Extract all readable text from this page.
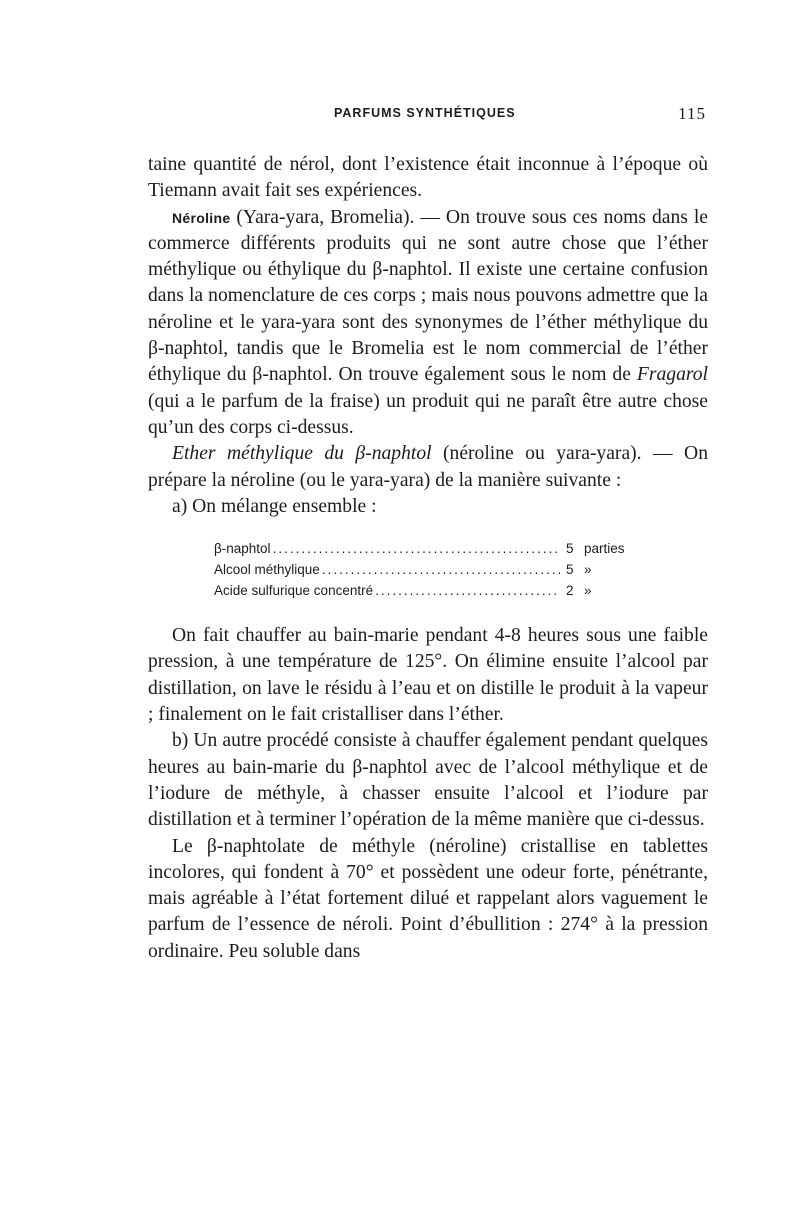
PARFUMS SYNTHÉTIQUES	115

taine quantité de nérol, dont l’existence était inconnue à l’époque où Tiemann avait fait ses expériences.

Néroline (Yara-yara, Bromelia). — On trouve sous ces noms dans le commerce différents produits qui ne sont autre chose que l’éther méthylique ou éthylique du β-naphtol. Il existe une certaine confusion dans la nomenclature de ces corps ; mais nous pouvons admettre que la néroline et le yara-yara sont des synonymes de l’éther méthylique du β-naphtol, tandis que le Bromelia est le nom commercial de l’éther éthylique du β-naphtol. On trouve également sous le nom de Fragarol (qui a le parfum de la fraise) un produit qui ne paraît être autre chose qu’un des corps ci-dessus.

Ether méthylique du β-naphtol (néroline ou yara-yara). — On prépare la néroline (ou le yara-yara) de la manière suivante :

a) On mélange ensemble :

β-naphtol .....	5 parties
Alcool méthylique .....	5 »
Acide sulfurique concentré .....	2 »

On fait chauffer au bain-marie pendant 4-8 heures sous une faible pression, à une température de 125°. On élimine ensuite l’alcool par distillation, on lave le résidu à l’eau et on distille le produit à la vapeur ; finalement on le fait cristalliser dans l’éther.

b) Un autre procédé consiste à chauffer également pendant quelques heures au bain-marie du β-naphtol avec de l’alcool méthylique et de l’iodure de méthyle, à chasser ensuite l’alcool et l’iodure par distillation et à terminer l’opération de la même manière que ci-dessus.

Le β-naphtolate de méthyle (néroline) cristallise en tablettes incolores, qui fondent à 70° et possèdent une odeur forte, pénétrante, mais agréable à l’état fortement dilué et rappelant alors vaguement le parfum de l’essence de néroli. Point d’ébullition : 274° à la pression ordinaire. Peu soluble dans
